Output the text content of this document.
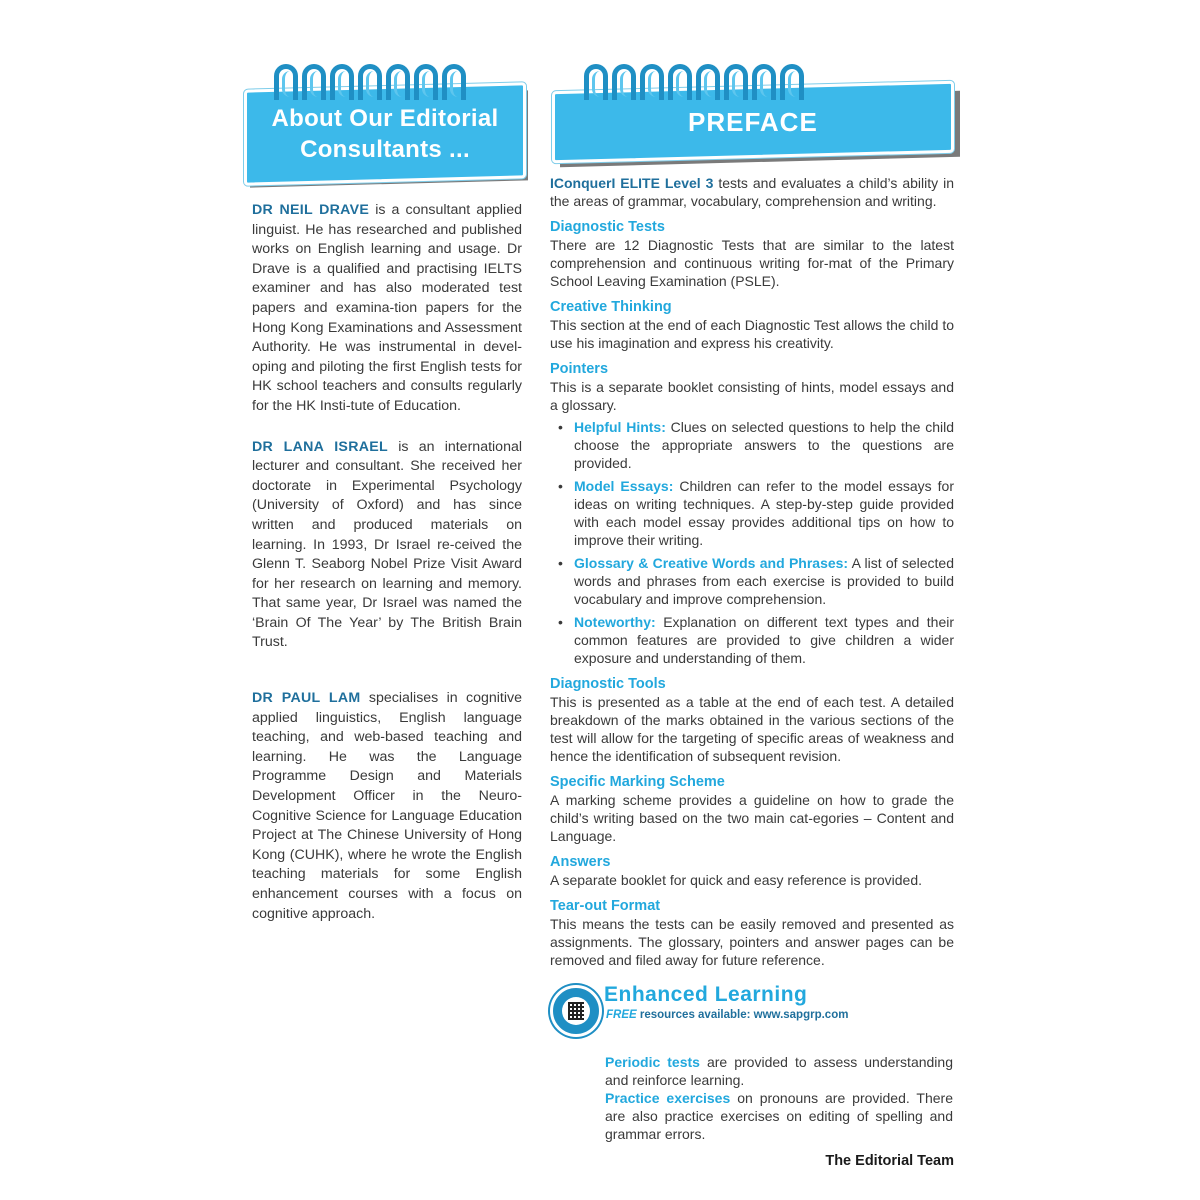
About Our Editorial Consultants ...

DR NEIL DRAVE is a consultant applied linguist. He has researched and published works on English learning and usage. Dr Drave is a qualified and practising IELTS examiner and has also moderated test papers and examina-tion papers for the Hong Kong Examinations and Assessment Authority. He was instrumental in devel-oping and piloting the first English tests for HK school teachers and consults regularly for the HK Insti-tute of Education.

DR LANA ISRAEL is an international lecturer and consultant. She received her doctorate in Experimental Psychology (University of Oxford) and has since written and produced materials on learning. In 1993, Dr Israel re-ceived the Glenn T. Seaborg Nobel Prize Visit Award for her research on learning and memory. That same year, Dr Israel was named the ‘Brain Of The Year’ by The British Brain Trust.

DR PAUL LAM specialises in cognitive applied linguistics, English language teaching, and web-based teaching and learning. He was the Language Programme Design and Materials Development Officer in the Neuro-Cognitive Science for Language Education Project at The Chinese University of Hong Kong (CUHK), where he wrote the English teaching materials for some English enhancement courses with a focus on cognitive approach.

PREFACE

IConquerI ELITE Level 3 tests and evaluates a child’s ability in the areas of grammar, vocabulary, comprehension and writing.

Diagnostic Tests

There are 12 Diagnostic Tests that are similar to the latest comprehension and continuous writing for-mat of the Primary School Leaving Examination (PSLE).

Creative Thinking

This section at the end of each Diagnostic Test allows the child to use his imagination and express his creativity.

Pointers

This is a separate booklet consisting of hints, model essays and a glossary.

• Helpful Hints: Clues on selected questions to help the child choose the appropriate answers to the questions are provided.
• Model Essays: Children can refer to the model essays for ideas on writing techniques. A step-by-step guide provided with each model essay provides additional tips on how to improve their writing.
• Glossary & Creative Words and Phrases: A list of selected words and phrases from each exercise is provided to build vocabulary and improve comprehension.
• Noteworthy: Explanation on different text types and their common features are provided to give children a wider exposure and understanding of them.
Diagnostic Tools

This is presented as a table at the end of each test. A detailed breakdown of the marks obtained in the various sections of the test will allow for the targeting of specific areas of weakness and hence the identification of subsequent revision.

Specific Marking Scheme

A marking scheme provides a guideline on how to grade the child’s writing based on the two main cat-egories – Content and Language.

Answers

A separate booklet for quick and easy reference is provided.

Tear-out Format

This means the tests can be easily removed and presented as assignments. The glossary, pointers and answer pages can be removed and filed away for future reference.

Enhanced Learning
FREE resources available: www.sapgrp.com

Periodic tests are provided to assess understanding and reinforce learning.

Practice exercises on pronouns are provided. There are also practice exercises on editing of spelling and grammar errors.

The Editorial Team
